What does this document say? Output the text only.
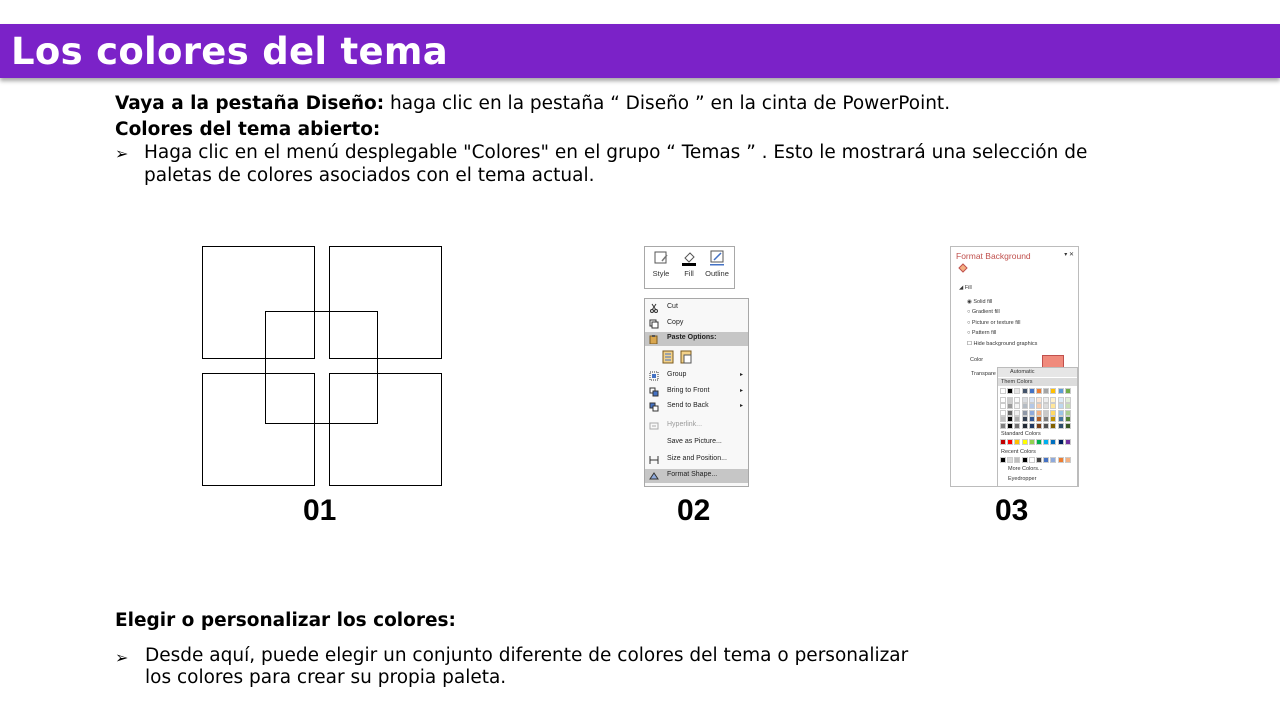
Los colores del tema
Vaya a la pestaña Diseño: haga clic en la pestaña “ Diseño ” en la cinta de PowerPoint.
Colores del tema abierto:
➢ Haga clic en el menú desplegable "Colores" en el grupo “ Temas ” . Esto le mostrará una selección de
paletas de colores asociados con el tema actual.
Style	Fill	Outline
Cut
Copy
Paste Options:
Group	▸
Bring to Front	▸
Send to Back	▸
Hyperlink...
Save as Picture...
Size and Position...
Format Shape...
Format Background	▾ ✕
◢ Fill
◉ Solid fill
○ Gradient fill
○ Picture or texture fill
○ Pattern fill
☐ Hide background graphics
Color
Transpare	Automatic
Them Colors
Standard Colors
Recent Colors
More Colors...
Eyedropper
01	02	03
Elegir o personalizar los colores:
➢ Desde aquí, puede elegir un conjunto diferente de colores del tema o personalizar
los colores para crear su propia paleta.
